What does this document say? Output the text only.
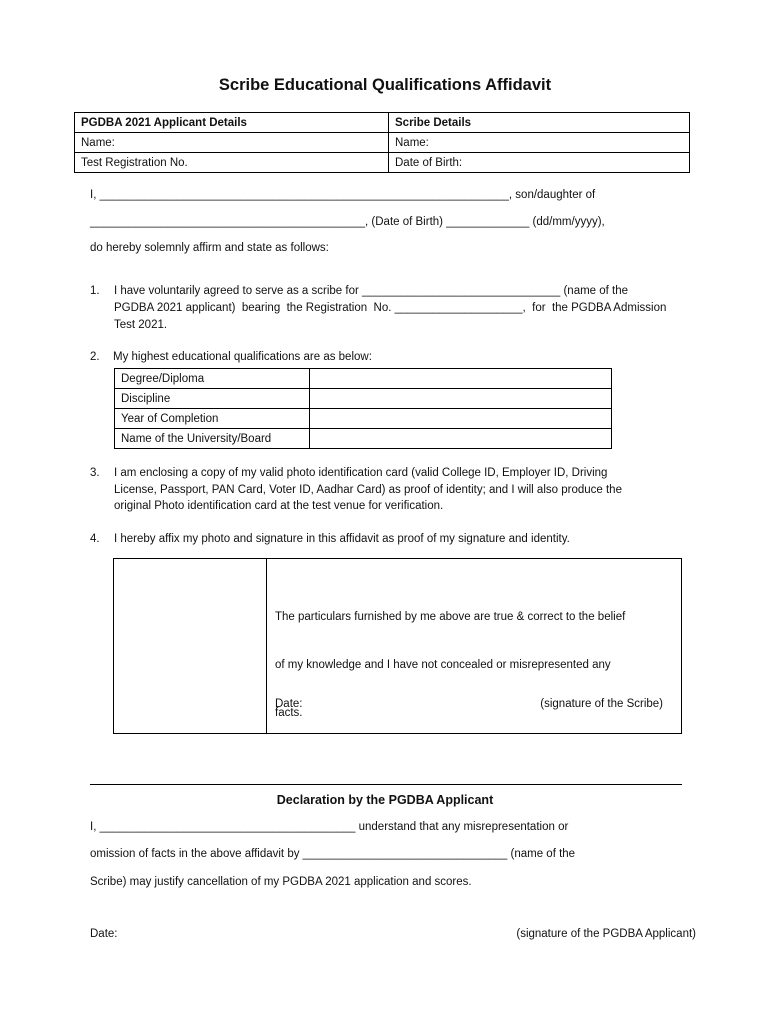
Scribe Educational Qualifications Affidavit
PGDBA 2021 Applicant Details	Scribe Details
Name:	Name:
Test Registration No.	Date of Birth:
I, ________________________________________________________________, son/daughter of
___________________________________________, (Date of Birth) _____________ (dd/mm/yyyy),
do hereby solemnly affirm and state as follows:
1. I have voluntarily agreed to serve as a scribe for _______________________________ (name of the
PGDBA 2021 applicant)  bearing  the Registration  No. ____________________,  for  the PGDBA Admission
Test 2021.
2. My highest educational qualifications are as below:
Degree/Diploma	
Discipline	
Year of Completion	
Name of the University/Board	
3. I am enclosing a copy of my valid photo identification card (valid College ID, Employer ID, Driving
License, Passport, PAN Card, Voter ID, Aadhar Card) as proof of identity; and I will also produce the
original Photo identification card at the test venue for verification.
4. I hereby affix my photo and signature in this affidavit as proof of my signature and identity.

The particulars furnished by me above are true & correct to the belief

of my knowledge and I have not concealed or misrepresented any

facts.

Date:	(signature of the Scribe)
Declaration by the PGDBA Applicant
I, ________________________________________ understand that any misrepresentation or
omission of facts in the above affidavit by ________________________________ (name of the
Scribe) may justify cancellation of my PGDBA 2021 application and scores.
Date:	(signature of the PGDBA Applicant)
